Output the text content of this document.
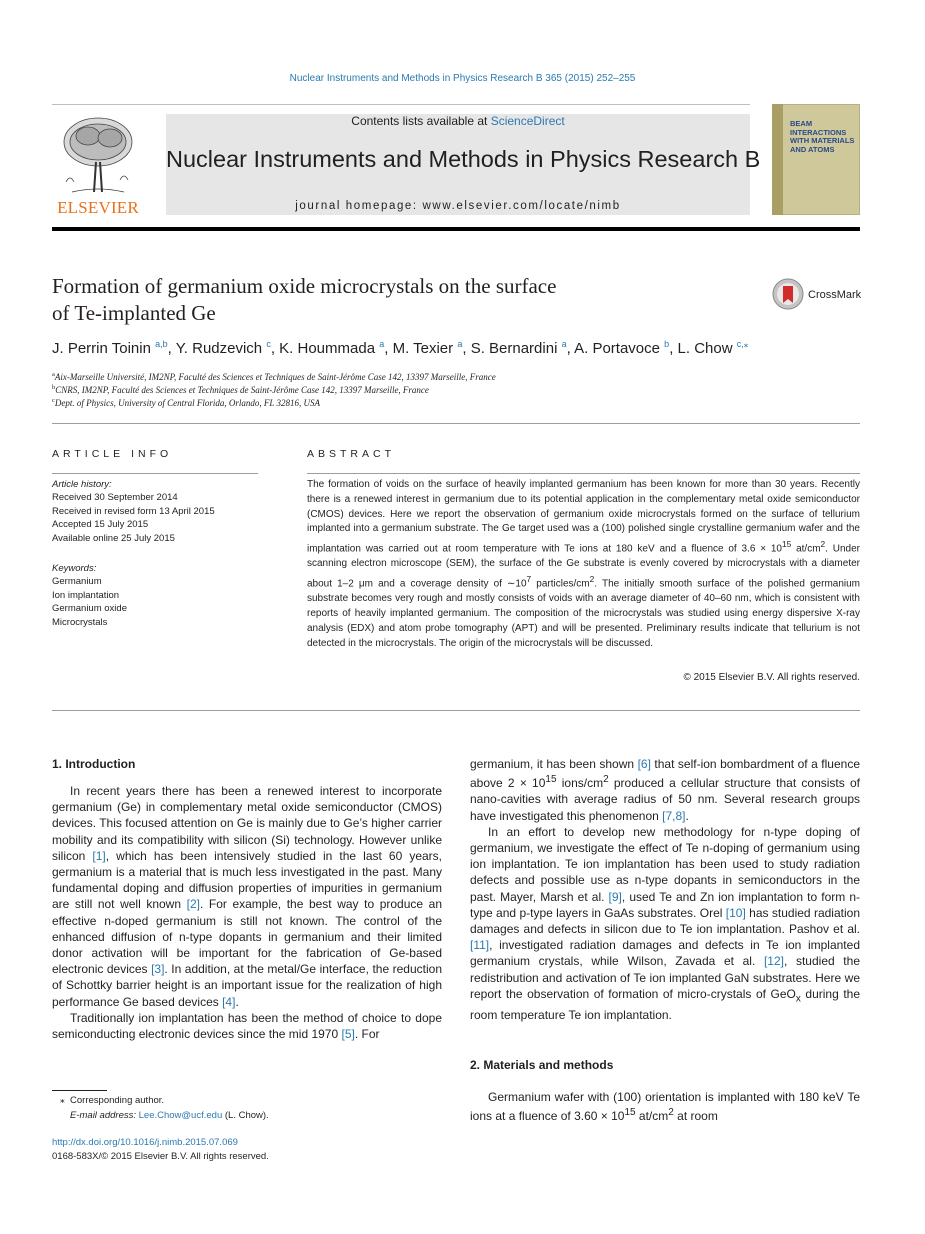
Nuclear Instruments and Methods in Physics Research B 365 (2015) 252–255
ELSEVIER
Contents lists available at ScienceDirect
Nuclear Instruments and Methods in Physics Research B
journal homepage: www.elsevier.com/locate/nimb
BEAM INTERACTIONS WITH MATERIALS AND ATOMS
Formation of germanium oxide microcrystals on the surface
of Te-implanted Ge
CrossMark
J. Perrin Toinin $^{a,b}$, Y. Rudzevich $^c$, K. Hoummada $^a$, M. Texier $^a$, S. Bernardini $^a$, A. Portavoce $^b$, L. Chow $^{c,⁎}$
$^a$Aix-Marseille Université, IM2NP, Faculté des Sciences et Techniques de Saint-Jérôme Case 142, 13397 Marseille, France
$^b$CNRS, IM2NP, Faculté des Sciences et Techniques de Saint-Jérôme Case 142, 13397 Marseille, France
$^c$Dept. of Physics, University of Central Florida, Orlando, FL 32816, USA
ARTICLE INFO
Article history:
Received 30 September 2014
Received in revised form 13 April 2015
Accepted 15 July 2015
Available online 25 July 2015
Keywords:
Germanium
Ion implantation
Germanium oxide
Microcrystals
ABSTRACT
The formation of voids on the surface of heavily implanted germanium has been known for more than 30 years. Recently there is a renewed interest in germanium due to its potential application in the complementary metal oxide semiconductor (CMOS) devices. Here we report the observation of germanium oxide microcrystals formed on the surface of tellurium implanted into a germanium substrate. The Ge target used was a (100) polished single crystalline germanium wafer and the implantation was carried out at room temperature with Te ions at 180 keV and a fluence of $3.6 \times 10^{15}$ $at/cm^2$. Under scanning electron microscope (SEM), the surface of the Ge substrate is evenly covered by microcrystals with a diameter about 1–2 μm and a coverage density of $\sim 10^7$ particles/$cm^2$. The initially smooth surface of the polished germanium substrate becomes very rough and mostly consists of voids with an average diameter of 40–60 nm, which is consistent with reports of heavily implanted germanium. The composition of the microcrystals was studied using energy dispersive X-ray analysis (EDX) and atom probe tomography (APT) and will be presented. Preliminary results indicate that tellurium is not detected in the microcrystals. The origin of the microcrystals will be discussed.
© 2015 Elsevier B.V. All rights reserved.
1. Introduction

In recent years there has been a renewed interest to incorporate germanium (Ge) in complementary metal oxide semiconductor (CMOS) devices. This focused attention on Ge is mainly due to Ge’s higher carrier mobility and its compatibility with silicon (Si) technology. However unlike silicon [1], which has been intensively studied in the last 60 years, germanium is a material that is much less investigated in the past. Many fundamental doping and diffusion properties of impurities in germanium are still not well known [2]. For example, the best way to produce an effective n-doped germanium is still not known. The control of the enhanced diffusion of n-type dopants in germanium and their limited donor activation will be important for the fabrication of Ge-based electronic devices [3]. In addition, at the metal/Ge interface, the reduction of Schottky barrier height is an important issue for the realization of high performance Ge based devices [4].

Traditionally ion implantation has been the method of choice to dope semiconducting electronic devices since the mid 1970 [5]. For

germanium, it has been shown [6] that self-ion bombardment of a fluence above $2 \times 10^{15}$ ions/$cm^2$ produced a cellular structure that consists of nano-cavities with average radius of 50 nm. Several research groups have investigated this phenomenon [7,8].

In an effort to develop new methodology for n-type doping of germanium, we investigate the effect of Te n-doping of germanium using ion implantation. Te ion implantation has been used to study radiation defects and possible use as n-type dopants in semiconductors in the past. Mayer, Marsh et al. [9], used Te and Zn ion implantation to form n-type and p-type layers in GaAs substrates. Orel [10] has studied radiation damages and defects in silicon due to Te ion implantation. Pashov et al. [11], investigated radiation damages and defects in Te ion implanted germanium crystals, while Wilson, Zavada et al. [12], studied the redistribution and activation of Te ion implanted GaN substrates. Here we report the observation of formation of micro-crystals of GeO$_x$ during the room temperature Te ion implantation.

2. Materials and methods

Germanium wafer with (100) orientation is implanted with 180 keV Te ions at a fluence of $3.60 \times 10^{15}$ $at/cm^2$ at room

⁎ Corresponding author.
E-mail address: Lee.Chow@ucf.edu (L. Chow).
http://dx.doi.org/10.1016/j.nimb.2015.07.069
0168-583X/© 2015 Elsevier B.V. All rights reserved.
